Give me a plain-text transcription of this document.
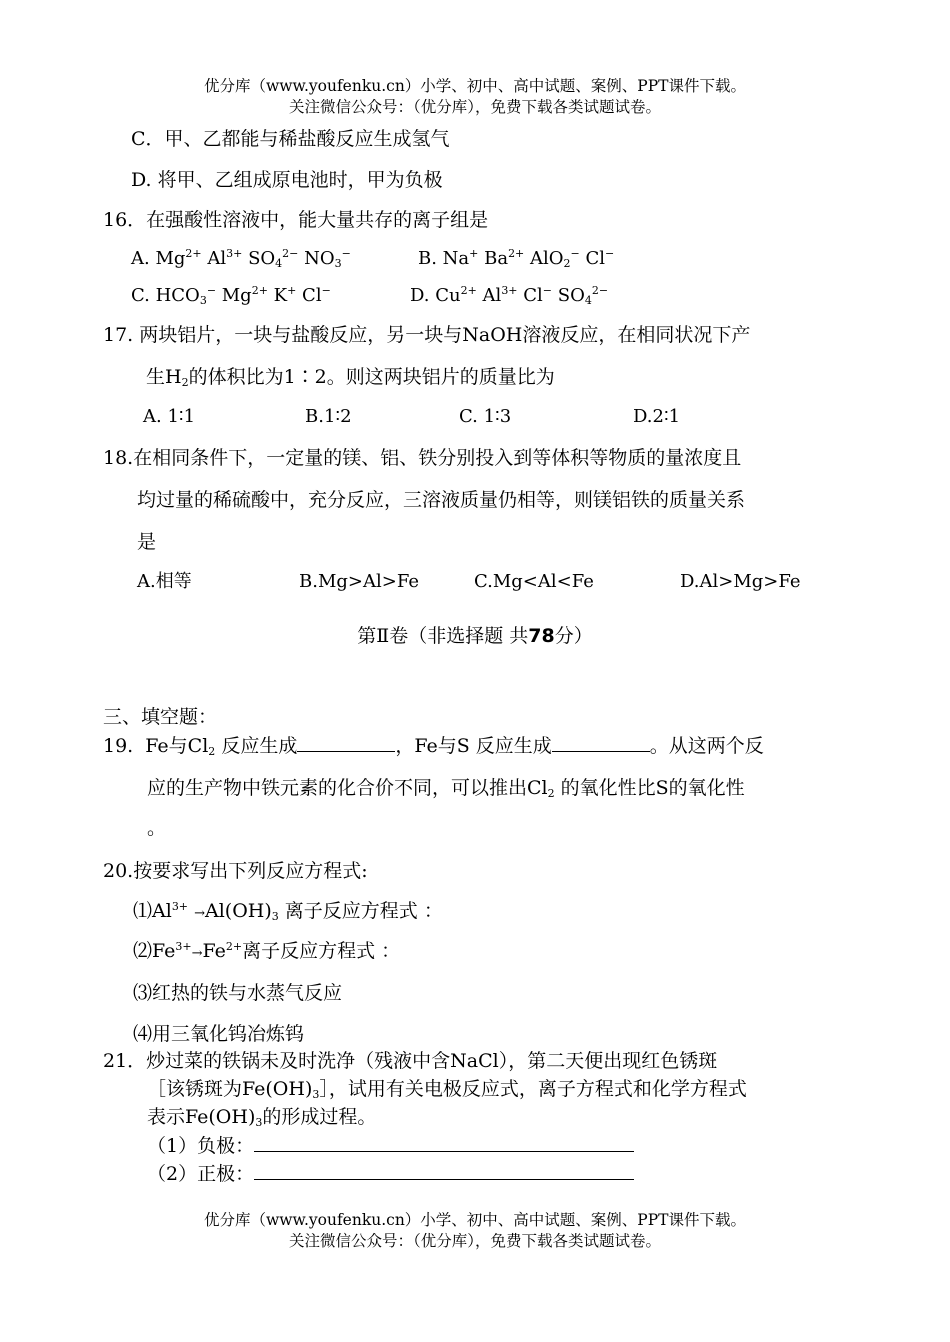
优分库（www.youfenku.cn）小学、初中、高中试题、案例、PPT课件下载。
关注微信公众号：（优分库），免费下载各类试题试卷。
C．甲、乙都能与稀盐酸反应生成氢气
D. 将甲、乙组成原电池时，甲为负极
16．在强酸性溶液中，能大量共存的离子组是
A. $Mg^{2+}$ $Al^{3+}$ $SO_4^{2-}$ $NO_3^-$	B. Na+ $Ba^{2+}$ AlO$_2$− Cl−
C. $HCO_3^-$ $Mg^{2+}$ K+ Cl−	D. $Cu^{2+}$ $Al^{3+}$ Cl− $SO_4^{2-}$
17. 两块铝片，一块与盐酸反应，另一块与NaOH溶液反应，在相同状况下产
生$H_2$的体积比为1∶2。则这两块铝片的质量比为
A. 1∶1	B.1∶2	C. 1∶3	D.2∶1
18.在相同条件下，一定量的镁、铝、铁分别投入到等体积等物质的量浓度且
均过量的稀硫酸中，充分反应，三溶液质量仍相等，则镁铝铁的质量关系
是
A.相等	B.Mg>Al>Fe	C.Mg<Al<Fe	D.Al>Mg>Fe
第Ⅱ卷（非选择题 共78分）
三、填空题：
19. Fe与$Cl_2$ 反应生成	，Fe与S 反应生成	。从这两个反
应的生产物中铁元素的化合价不同，可以推出$Cl_2$ 的氧化性比S的氧化性
。
20.按要求写出下列反应方程式:
$⑴Al^{3+} \to Al(OH)_3$ 离子反应方程式 ：
$⑵Fe^{3+}\to Fe^{2+}$离子反应方程式 ：
⑶红热的铁与水蒸气反应
⑷用三氧化钨冶炼钨
21．炒过菜的铁锅未及时洗净（残液中含NaCl），第二天便出现红色锈斑
［该锈斑为$Fe(OH)_3]$，试用有关电极反应式，离子方程式和化学方程式
表示$Fe(OH)_3$的形成过程。
（1）负极：
（2）正极：
优分库（www.youfenku.cn）小学、初中、高中试题、案例、PPT课件下载。
关注微信公众号：（优分库），免费下载各类试题试卷。
